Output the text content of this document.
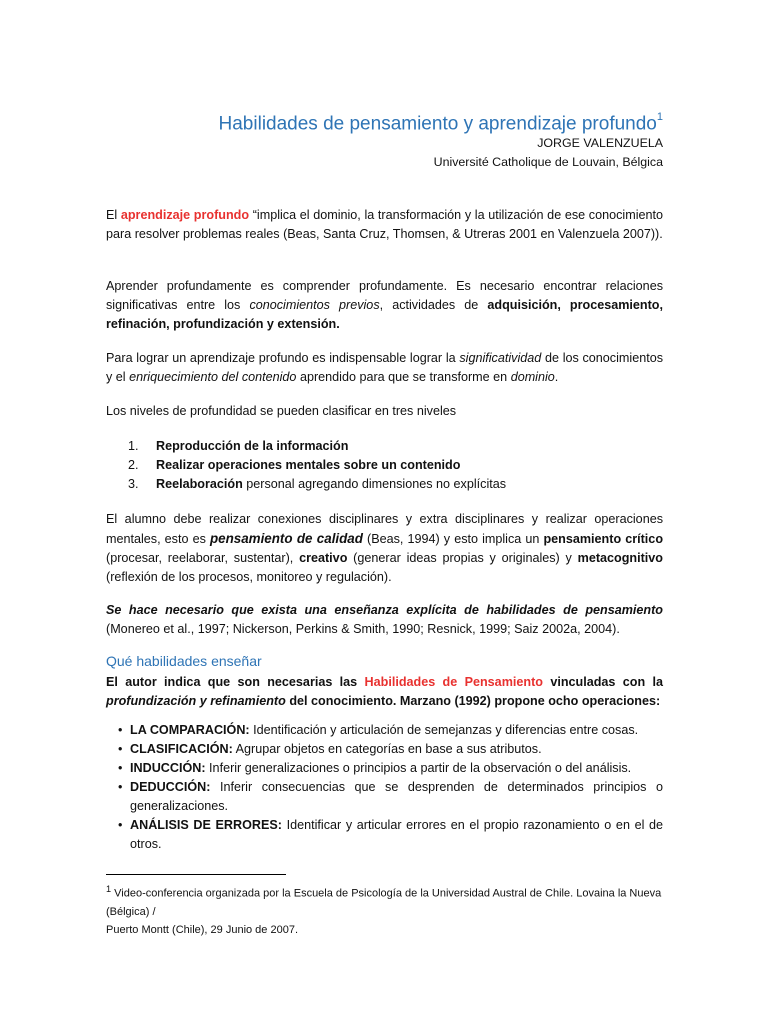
Habilidades de pensamiento y aprendizaje profundo$^1$
JORGE VALENZUELA
Université Catholique de Louvain, Bélgica

El aprendizaje profundo “implica el dominio, la transformación y la utilización de ese conocimiento para resolver problemas reales (Beas, Santa Cruz, Thomsen, & Utreras 2001 en Valenzuela 2007)).

Aprender profundamente es comprender profundamente. Es necesario encontrar relaciones significativas entre los conocimientos previos, actividades de adquisición, procesamiento, refinación, profundización y extensión.

Para lograr un aprendizaje profundo es indispensable lograr la significatividad de los conocimientos y el enriquecimiento del contenido aprendido para que se transforme en dominio.

Los niveles de profundidad se pueden clasificar en tres niveles

1.	Reproducción de la información
2.	Realizar operaciones mentales sobre un contenido
3.	Reelaboración personal agregando dimensiones no explícitas

El alumno debe realizar conexiones disciplinares y extra disciplinares y realizar operaciones mentales, esto es pensamiento de calidad (Beas, 1994) y esto implica un pensamiento crítico (procesar, reelaborar, sustentar), creativo (generar ideas propias y originales) y metacognitivo (reflexión de los procesos, monitoreo y regulación).

Se hace necesario que exista una enseñanza explícita de habilidades de pensamiento (Monereo et al., 1997; Nickerson, Perkins & Smith, 1990; Resnick, 1999; Saiz 2002a, 2004).

Qué habilidades enseñar

El autor indica que son necesarias las Habilidades de Pensamiento vinculadas con la profundización y refinamiento del conocimiento. Marzano (1992) propone ocho operaciones:

• LA COMPARACIÓN: Identificación y articulación de semejanzas y diferencias entre cosas.
• CLASIFICACIÓN: Agrupar objetos en categorías en base a sus atributos.
• INDUCCIÓN: Inferir generalizaciones o principios a partir de la observación o del análisis.
• DEDUCCIÓN: Inferir consecuencias que se desprenden de determinados principios o generalizaciones.
• ANÁLISIS DE ERRORES: Identificar y articular errores en el propio razonamiento o en el de otros.
$^1$ Video-conferencia organizada por la Escuela de Psicología de la Universidad Austral de Chile. Lovaina la Nueva (Bélgica) /
Puerto Montt (Chile), 29 Junio de 2007.
